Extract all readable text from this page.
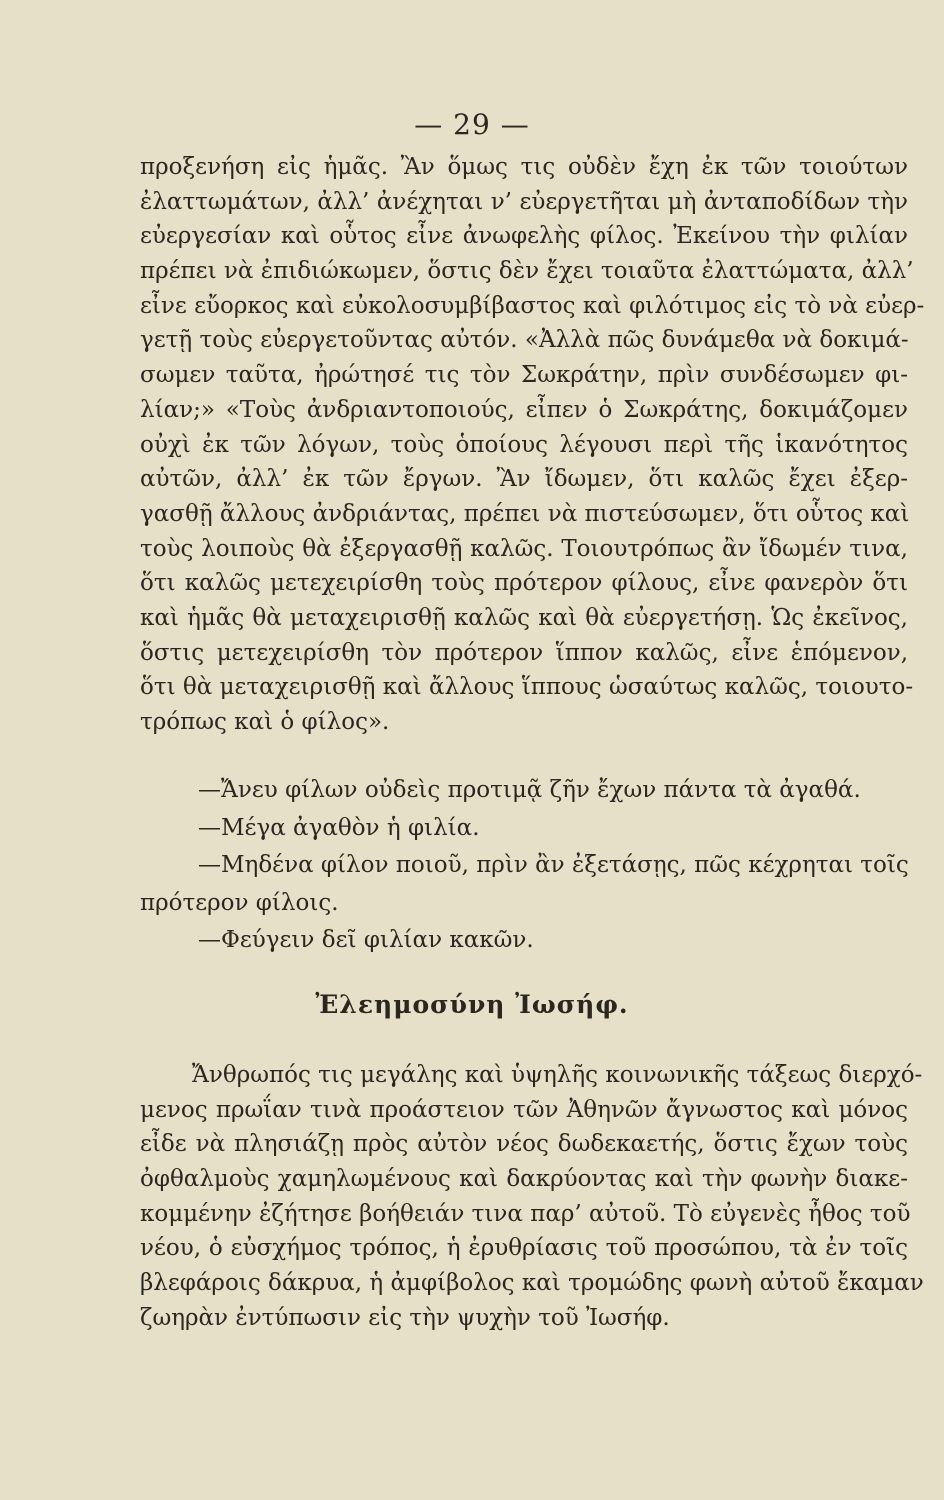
— 29 —
προξενήση εἰς ἡμᾶς. Ἂν ὅμως τις οὐδὲν ἔχη ἐκ τῶν τοιούτων
ἐλαττωμάτων, ἀλλ’ ἀνέχηται ν’ εὐεργετῆται μὴ ἀνταποδίδων τὴν
εὐεργεσίαν καὶ οὗτος εἶνε ἀνωφελὴς φίλος. Ἐκείνου τὴν φιλίαν
πρέπει νὰ ἐπιδιώκωμεν, ὅστις δὲν ἔχει τοιαῦτα ἐλαττώματα, ἀλλ’
εἶνε εὔορκος καὶ εὐκολοσυμβίβαστος καὶ φιλότιμος εἰς τὸ νὰ εὐερ-
γετῇ τοὺς εὐεργετοῦντας αὐτόν. «Ἀλλὰ πῶς δυνάμεθα νὰ δοκιμά-
σωμεν ταῦτα, ἠρώτησέ τις τὸν Σωκράτην, πρὶν συνδέσωμεν φι-
λίαν;» «Τοὺς ἀνδριαντοποιούς, εἶπεν ὁ Σωκράτης, δοκιμάζομεν
οὐχὶ ἐκ τῶν λόγων, τοὺς ὁποίους λέγουσι περὶ τῆς ἱκανότητος
αὐτῶν, ἀλλ’ ἐκ τῶν ἔργων. Ἂν ἴδωμεν, ὅτι καλῶς ἔχει ἐξερ-
γασθῇ ἄλλους ἀνδριάντας, πρέπει νὰ πιστεύσωμεν, ὅτι οὗτος καὶ
τοὺς λοιποὺς θὰ ἐξεργασθῇ καλῶς. Τοιουτρόπως ἂν ἴδωμέν τινα,
ὅτι καλῶς μετεχειρίσθη τοὺς πρότερον φίλους, εἶνε φανερὸν ὅτι
καὶ ἡμᾶς θὰ μεταχειρισθῇ καλῶς καὶ θὰ εὐεργετήσῃ. Ὡς ἐκεῖνος,
ὅστις μετεχειρίσθη τὸν πρότερον ἵππον καλῶς, εἶνε ἑπόμενον,
ὅτι θὰ μεταχειρισθῇ καὶ ἄλλους ἵππους ὡσαύτως καλῶς, τοιουτο-
τρόπως καὶ ὁ φίλος».
—Ἄνευ φίλων οὐδεὶς προτιμᾷ ζῆν ἔχων πάντα τὰ ἀγαθά.
—Μέγα ἀγαθὸν ἡ φιλία.
—Μηδένα φίλον ποιοῦ, πρὶν ἂν ἐξετάσῃς, πῶς κέχρηται τοῖς
πρότερον φίλοις.
—Φεύγειν δεῖ φιλίαν κακῶν.
Ἐλεημοσύνη Ἰωσήφ.
Ἄνθρωπός τις μεγάλης καὶ ὑψηλῆς κοινωνικῆς τάξεως διερχό-
μενος πρωΐαν τινὰ προάστειον τῶν Ἀθηνῶν ἄγνωστος καὶ μόνος
εἶδε νὰ πλησιάζῃ πρὸς αὐτὸν νέος δωδεκαετής, ὅστις ἔχων τοὺς
ὀφθαλμοὺς χαμηλωμένους καὶ δακρύοντας καὶ τὴν φωνὴν διακε-
κομμένην ἐζήτησε βοήθειάν τινα παρ’ αὐτοῦ. Τὸ εὐγενὲς ἦθος τοῦ
νέου, ὁ εὐσχήμος τρόπος, ἡ ἐρυθρίασις τοῦ προσώπου, τὰ ἐν τοῖς
βλεφάροις δάκρυα, ἡ ἀμφίβολος καὶ τρομώδης φωνὴ αὐτοῦ ἔκαμαν
ζωηρὰν ἐντύπωσιν εἰς τὴν ψυχὴν τοῦ Ἰωσήφ.
